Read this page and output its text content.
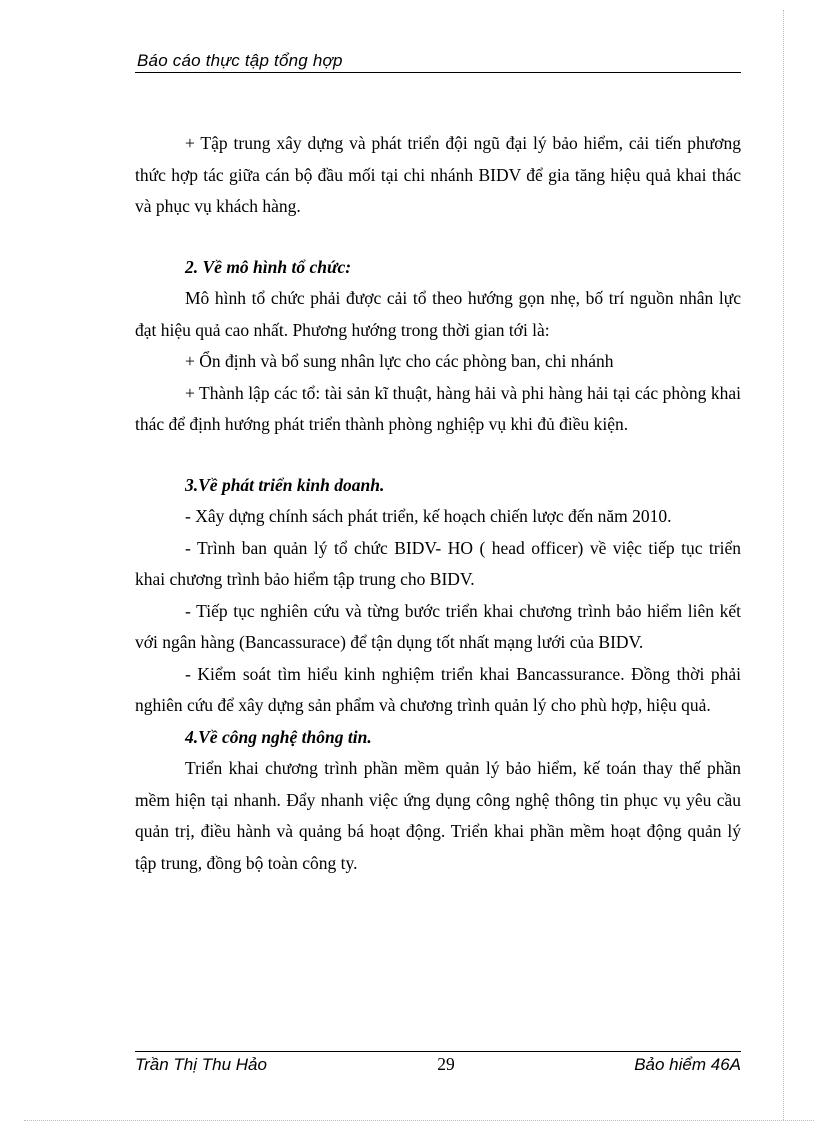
Báo cáo thực tập tổng hợp

+ Tập trung xây dựng và phát triển đội ngũ đại lý bảo hiểm, cải tiến phương thức hợp tác giữa cán bộ đầu mối tại chi nhánh BIDV để gia tăng hiệu quả khai thác và phục vụ khách hàng.

2. Về mô hình tổ chức:

Mô hình tổ chức phải được cải tổ theo hướng gọn nhẹ, bố trí nguồn nhân lực đạt hiệu quả cao nhất. Phương hướng trong thời gian tới là:

+ Ổn định và bổ sung nhân lực cho các phòng ban, chi nhánh

+ Thành lập các tổ: tài sản kĩ thuật, hàng hải và phi hàng hải tại các phòng khai thác để định hướng phát triển thành phòng nghiệp vụ khi đủ điều kiện.

3.Về phát triển kinh doanh.

- Xây dựng chính sách phát triển, kế hoạch chiến lược đến năm 2010.

- Trình ban quản lý tổ chức BIDV- HO ( head officer) về việc tiếp tục triển khai chương trình bảo hiểm tập trung cho BIDV.

- Tiếp tục nghiên cứu và từng bước triển khai chương trình bảo hiểm liên kết với ngân hàng (Bancassurace) để tận dụng tốt nhất mạng lưới của BIDV.

- Kiểm soát tìm hiểu kinh nghiệm triển khai Bancassurance. Đồng thời phải nghiên cứu để xây dựng sản phẩm và chương trình quản lý cho phù hợp, hiệu quả.

4.Về công nghệ thông tin.

Triển khai chương trình phần mềm quản lý bảo hiểm, kế toán thay thế phần mềm hiện tại nhanh. Đẩy nhanh việc ứng dụng công nghệ thông tin phục vụ yêu cầu quản trị, điều hành và quảng bá hoạt động. Triển khai phần mềm hoạt động quản lý tập trung, đồng bộ toàn công ty.

Trần Thị Thu Hảo	29	Bảo hiểm 46A
